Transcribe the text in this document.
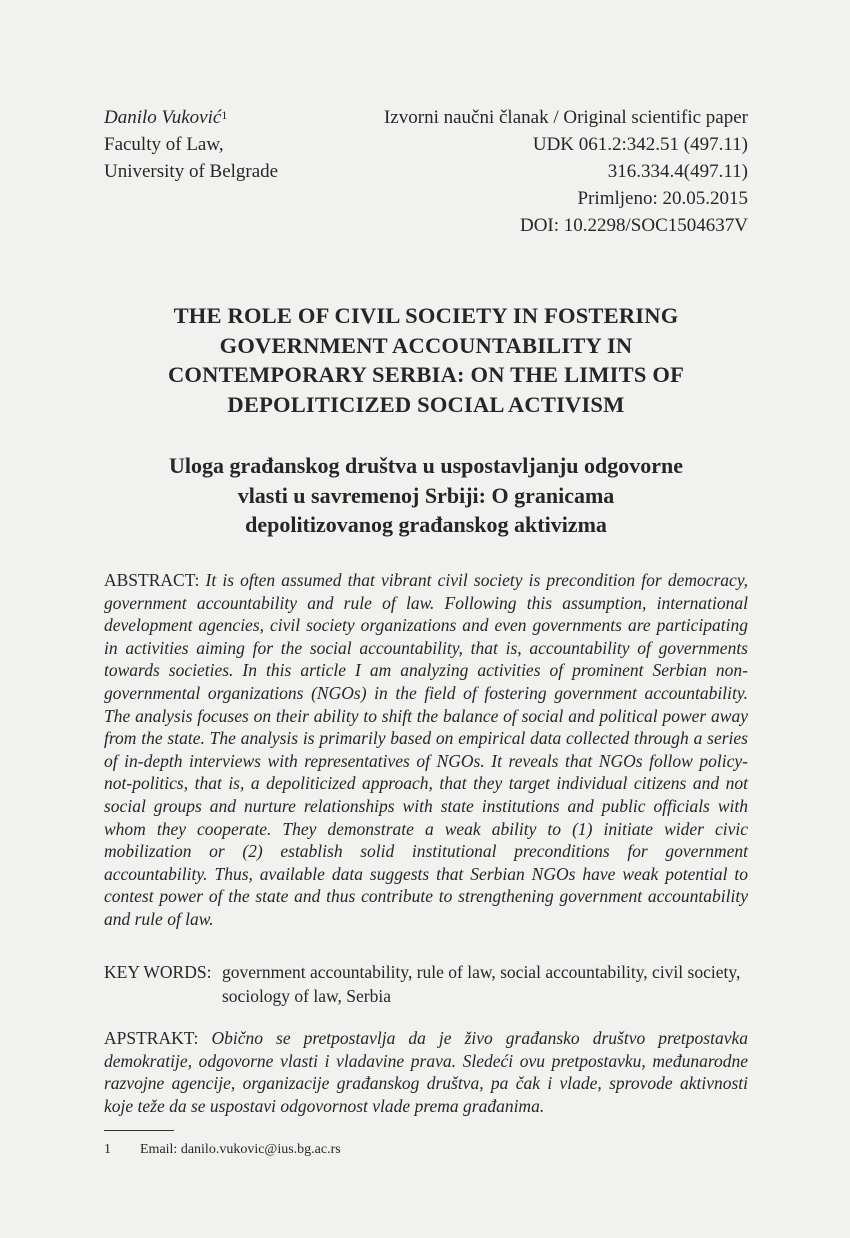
Danilo Vuković$^1$
Faculty of Law,
University of Belgrade
Izvorni naučni članak / Original scientific paper
UDK 061.2:342.51 (497.11)
316.334.4(497.11)
Primljeno: 20.05.2015
DOI: 10.2298/SOC1504637V
THE ROLE OF CIVIL SOCIETY IN FOSTERING
GOVERNMENT ACCOUNTABILITY IN
CONTEMPORARY SERBIA: ON THE LIMITS OF
DEPOLITICIZED SOCIAL ACTIVISM
Uloga građanskog društva u uspostavljanju odgovorne
vlasti u savremenoj Srbiji: O granicama
depolitizovanog građanskog aktivizma
ABSTRACT: It is often assumed that vibrant civil society is precondition for democracy, government accountability and rule of law. Following this assumption, international development agencies, civil society organizations and even governments are participating in activities aiming for the social accountability, that is, accountability of governments towards societies. In this article I am analyzing activities of prominent Serbian non-governmental organizations (NGOs) in the field of fostering government accountability. The analysis focuses on their ability to shift the balance of social and political power away from the state. The analysis is primarily based on empirical data collected through a series of in-depth interviews with representatives of NGOs. It reveals that NGOs follow policy-not-politics, that is, a depoliticized approach, that they target individual citizens and not social groups and nurture relationships with state institutions and public officials with whom they cooperate. They demonstrate a weak ability to (1) initiate wider civic mobilization or (2) establish solid institutional preconditions for government accountability. Thus, available data suggests that Serbian NGOs have weak potential to contest power of the state and thus contribute to strengthening government accountability and rule of law.
KEY WORDS: government accountability, rule of law, social accountability, civil society, sociology of law, Serbia
APSTRAKT: Obično se pretpostavlja da je živo građansko društvo pretpostavka demokratije, odgovorne vlasti i vladavine prava. Sledeći ovu pretpostavku, međunarodne razvojne agencije, organizacije građanskog društva, pa čak i vlade, sprovode aktivnosti koje teže da se uspostavi odgovornost vlade prema građanima.
1 Email: danilo.vukovic@ius.bg.ac.rs
